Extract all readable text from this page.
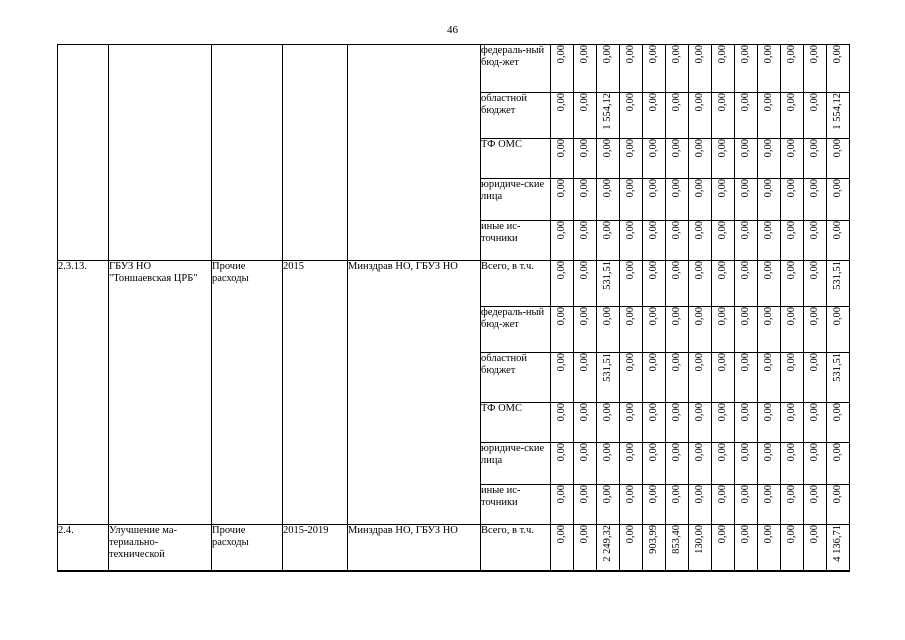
46
					федераль-ный бюд-жет	0,00	0,00	0,00	0,00	0,00	0,00	0,00	0,00	0,00	0,00	0,00	0,00	0,00

					областной бюджет	0,00	0,00	1 554,12	0,00	0,00	0,00	0,00	0,00	0,00	0,00	0,00	0,00	1 554,12

					ТФ ОМС	0,00	0,00	0,00	0,00	0,00	0,00	0,00	0,00	0,00	0,00	0,00	0,00	0,00

					юридиче-ские лица	0,00	0,00	0,00	0,00	0,00	0,00	0,00	0,00	0,00	0,00	0,00	0,00	0,00

					иные ис-точники	0,00	0,00	0,00	0,00	0,00	0,00	0,00	0,00	0,00	0,00	0,00	0,00	0,00

2.3.13.	ГБУЗ НО "Тоншаевская ЦРБ"	Прочие расходы	2015	Минздрав НО, ГБУЗ НО	Всего, в т.ч.	0,00	0,00	531,51	0,00	0,00	0,00	0,00	0,00	0,00	0,00	0,00	0,00	531,51

					федераль-ный бюд-жет	0,00	0,00	0,00	0,00	0,00	0,00	0,00	0,00	0,00	0,00	0,00	0,00	0,00

					областной бюджет	0,00	0,00	531,51	0,00	0,00	0,00	0,00	0,00	0,00	0,00	0,00	0,00	531,51

					ТФ ОМС	0,00	0,00	0,00	0,00	0,00	0,00	0,00	0,00	0,00	0,00	0,00	0,00	0,00

					юридиче-ские лица	0,00	0,00	0,00	0,00	0,00	0,00	0,00	0,00	0,00	0,00	0,00	0,00	0,00

					иные ис-точники	0,00	0,00	0,00	0,00	0,00	0,00	0,00	0,00	0,00	0,00	0,00	0,00	0,00

2.4.	Улучшение ма-териально-технической	Прочие расходы	2015-2019	Минздрав НО, ГБУЗ НО	Всего, в т.ч.	0,00	0,00	2 249,32	0,00	903,99	853,40	130,00	0,00	0,00	0,00	0,00	0,00	4 136,71
